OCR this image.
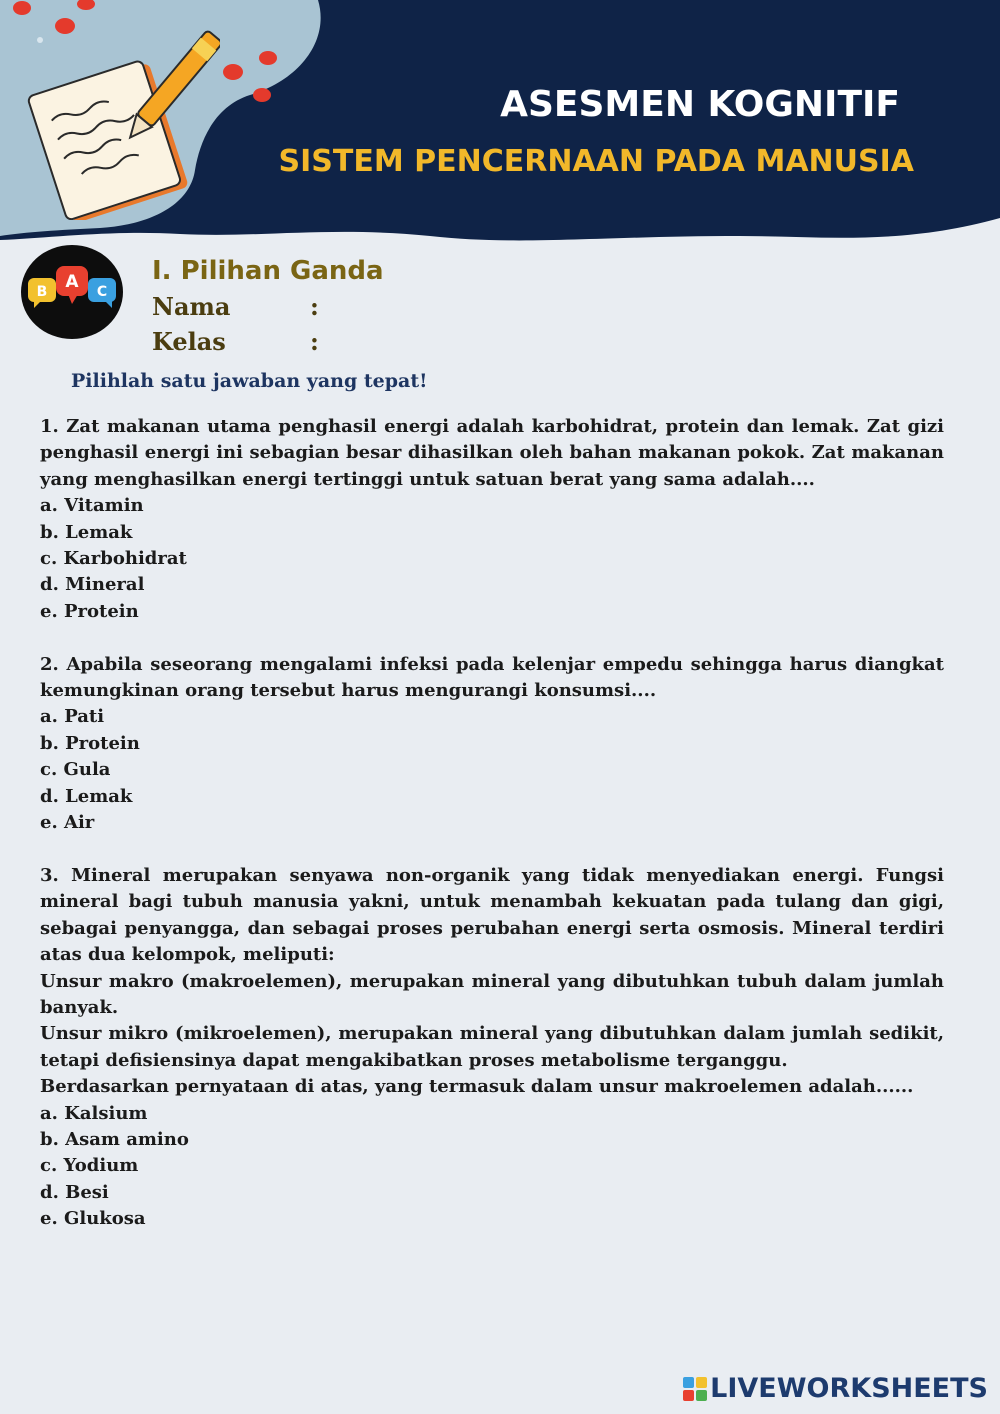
ASESMEN KOGNITIF
SISTEM PENCERNAAN PADA MANUSIA
B A C
I. Pilihan Ganda
Nama	:
Kelas	:
Pilihlah satu jawaban yang tepat!

1. Zat makanan utama penghasil energi adalah karbohidrat, protein dan lemak. Zat gizi penghasil energi ini sebagian besar dihasilkan oleh bahan makanan pokok. Zat makanan yang menghasilkan energi tertinggi untuk satuan berat yang sama adalah....

a. Vitamin

b. Lemak

c. Karbohidrat

d. Mineral

e. Protein

2. Apabila seseorang mengalami infeksi pada kelenjar empedu sehingga harus diangkat kemungkinan orang tersebut harus mengurangi konsumsi....

a. Pati

b. Protein

c. Gula

d. Lemak

e. Air

3. Mineral merupakan senyawa non-organik yang tidak menyediakan energi. Fungsi mineral bagi tubuh manusia yakni, untuk menambah kekuatan pada tulang dan gigi, sebagai penyangga, dan sebagai proses perubahan energi serta osmosis. Mineral terdiri atas dua kelompok, meliputi:

Unsur makro (makroelemen), merupakan mineral yang dibutuhkan tubuh dalam jumlah banyak.

Unsur mikro (mikroelemen), merupakan mineral yang dibutuhkan dalam jumlah sedikit, tetapi defisiensinya dapat mengakibatkan proses metabolisme terganggu.

Berdasarkan pernyataan di atas, yang termasuk dalam unsur makroelemen adalah......

a. Kalsium

b. Asam amino

c. Yodium

d. Besi

e. Glukosa

LIVEWORKSHEETS
